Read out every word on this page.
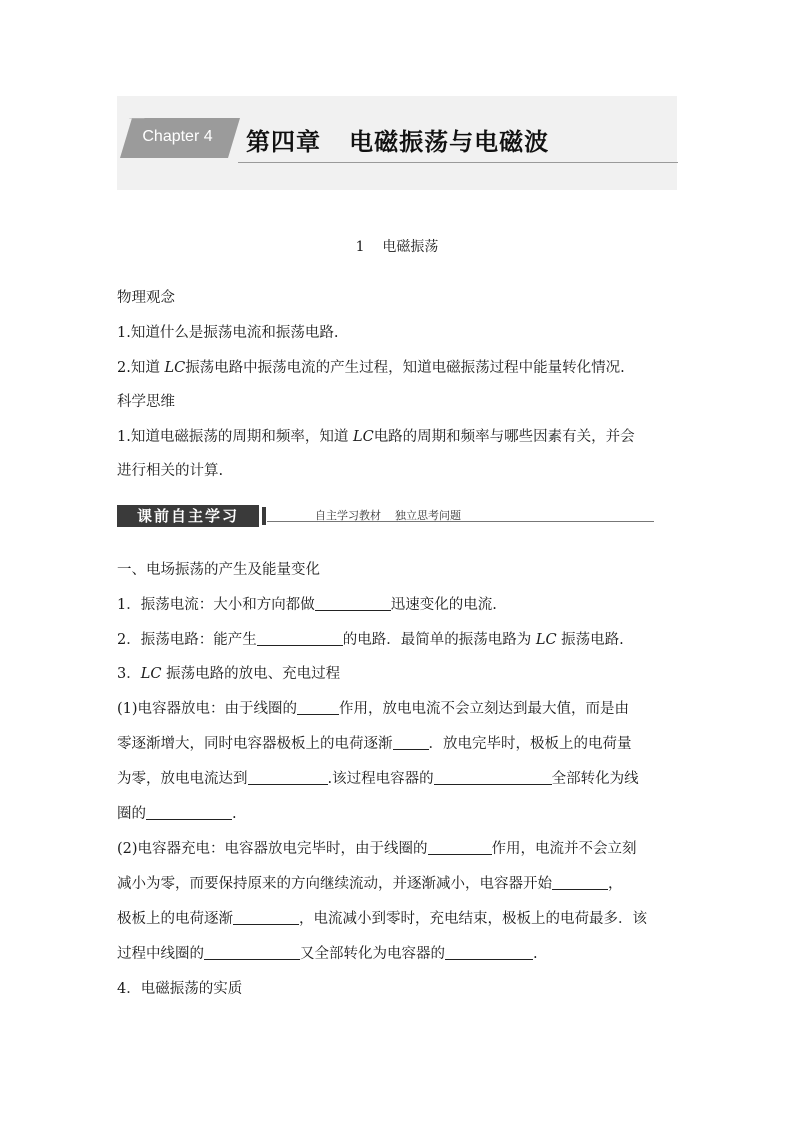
Chapter 4	第四章   电磁振荡与电磁波
1    电磁振荡
物理观念
1.知道什么是振荡电流和振荡电路.
2.知道 LC振荡电路中振荡电流的产生过程，知道电磁振荡过程中能量转化情况.
科学思维
1.知道电磁振荡的周期和频率，知道 LC电路的周期和频率与哪些因素有关，并会
进行相关的计算.
课前自主学习	自主学习教材    独立思考问题
一、电场振荡的产生及能量变化
1．振荡电流：大小和方向都做	迅速变化的电流.
2．振荡电路：能产生	的电路．最简单的振荡电路为 LC 振荡电路.
3．LC 振荡电路的放电、充电过程
(1)电容器放电：由于线圈的	作用，放电电流不会立刻达到最大值，而是由
零逐渐增大，同时电容器极板上的电荷逐渐 ．放电完毕时，极板上的电荷量
为零，放电电流达到	.该过程电容器的	全部转化为线
圈的	.
(2)电容器充电：电容器放电完毕时，由于线圈的	作用，电流并不会立刻
减小为零，而要保持原来的方向继续流动，并逐渐减小，电容器开始	，
极板上的电荷逐渐	，电流减小到零时，充电结束，极板上的电荷最多．该
过程中线圈的	又全部转化为电容器的	.
4．电磁振荡的实质
